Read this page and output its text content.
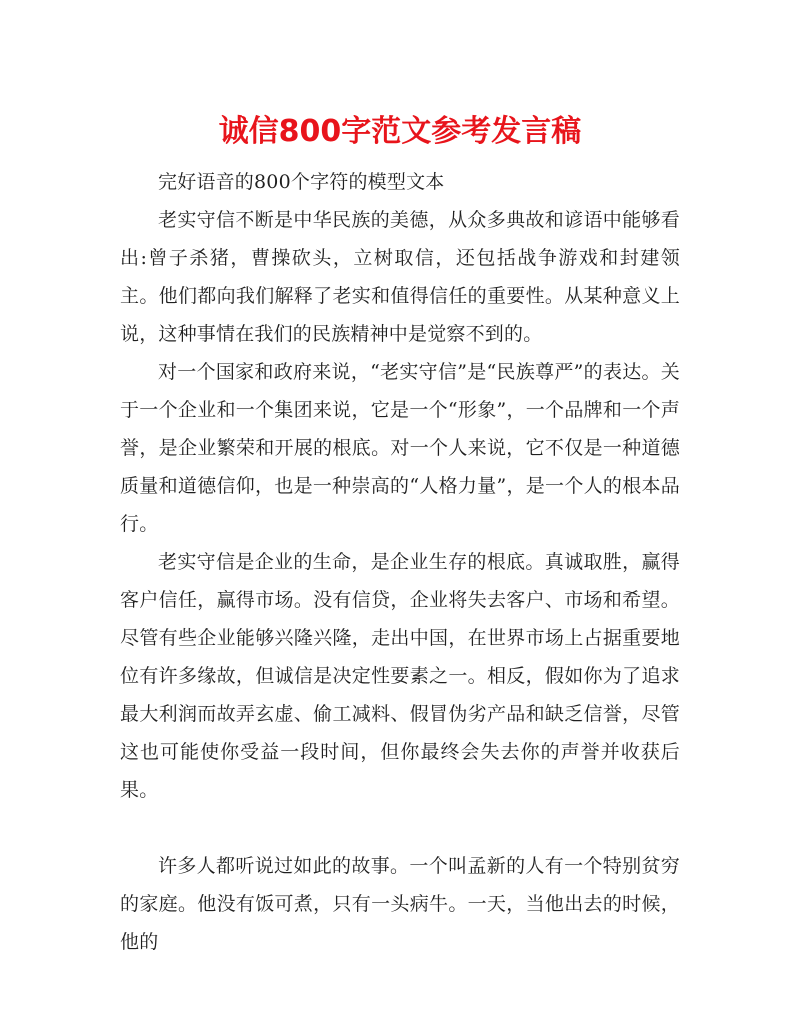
诚信800字范文参考发言稿

完好语音的800个字符的模型文本

老实守信不断是中华民族的美德，从众多典故和谚语中能够看出:曾子杀猪，曹操砍头，立树取信，还包括战争游戏和封建领主。他们都向我们解释了老实和值得信任的重要性。从某种意义上说，这种事情在我们的民族精神中是觉察不到的。

对一个国家和政府来说，“老实守信”是“民族尊严”的表达。关于一个企业和一个集团来说，它是一个“形象”，一个品牌和一个声誉，是企业繁荣和开展的根底。对一个人来说，它不仅是一种道德质量和道德信仰，也是一种崇高的“人格力量”，是一个人的根本品行。

老实守信是企业的生命，是企业生存的根底。真诚取胜，赢得客户信任，赢得市场。没有信贷，企业将失去客户、市场和希望。尽管有些企业能够兴隆兴隆，走出中国，在世界市场上占据重要地位有许多缘故，但诚信是决定性要素之一。相反，假如你为了追求最大利润而故弄玄虚、偷工减料、假冒伪劣产品和缺乏信誉，尽管这也可能使你受益一段时间，但你最终会失去你的声誉并收获后果。

许多人都听说过如此的故事。一个叫孟新的人有一个特别贫穷的家庭。他没有饭可煮，只有一头病牛。一天，当他出去的时候，他的
